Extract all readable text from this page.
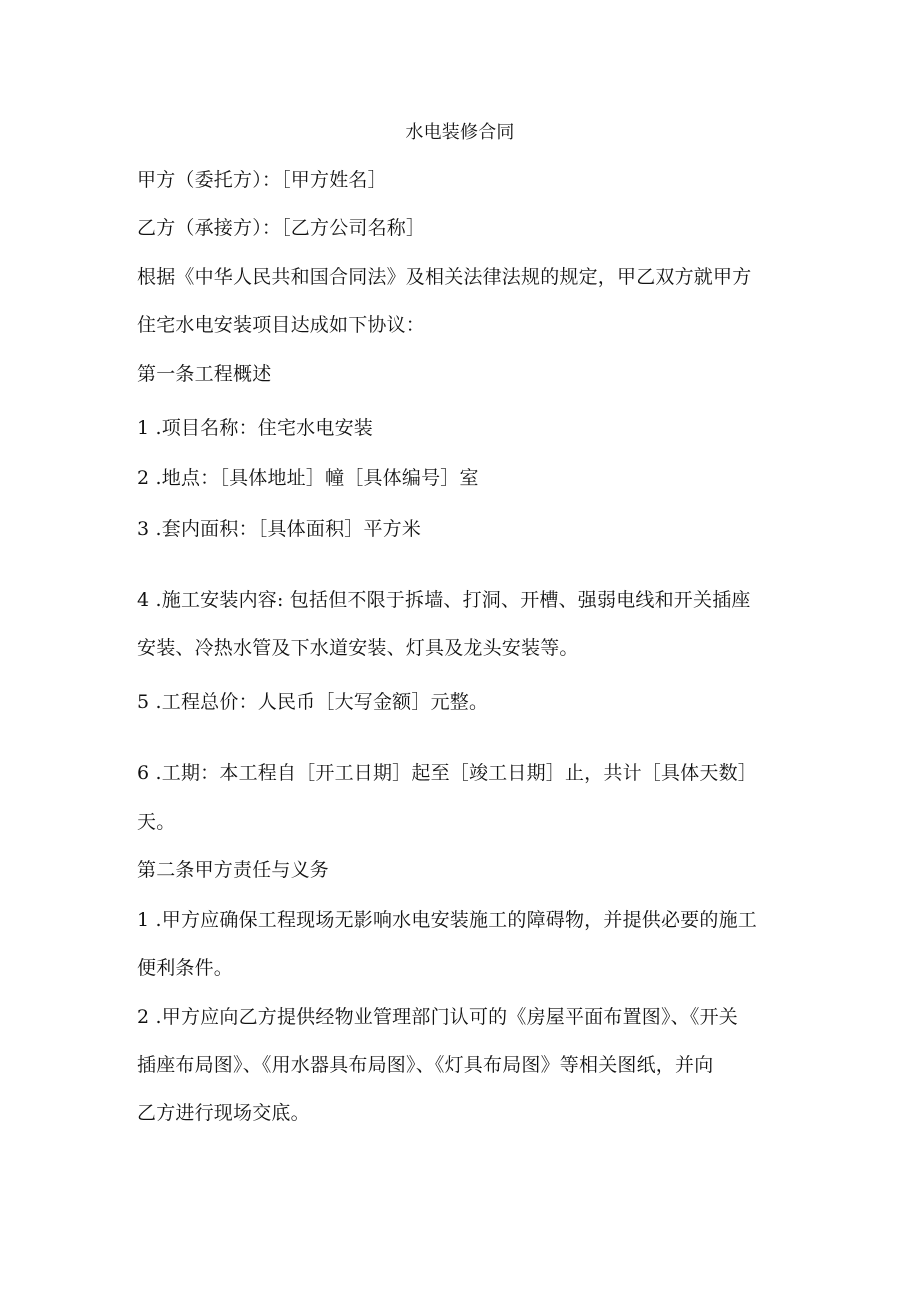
水电装修合同
甲方（委托方）：［甲方姓名］
乙方（承接方）：［乙方公司名称］
根据《中华人民共和国合同法》及相关法律法规的规定，甲乙双方就甲方
住宅水电安装项目达成如下协议：
第一条工程概述
1 .项目名称：住宅水电安装
2 .地点：［具体地址］幢［具体编号］室
3 .套内面积：［具体面积］平方米
4 .施工安装内容: 包括但不限于拆墙、打洞、开槽、强弱电线和开关插座
安装、冷热水管及下水道安装、灯具及龙头安装等。
5 .工程总价：人民币［大写金额］元整。
6 .工期：本工程自［开工日期］起至［竣工日期］止，共计［具体天数］
天。
第二条甲方责任与义务
1 .甲方应确保工程现场无影响水电安装施工的障碍物，并提供必要的施工
便利条件。
2 .甲方应向乙方提供经物业管理部门认可的《房屋平面布置图》、《开关
插座布局图》、《用水器具布局图》、《灯具布局图》等相关图纸，并向
乙方进行现场交底。
